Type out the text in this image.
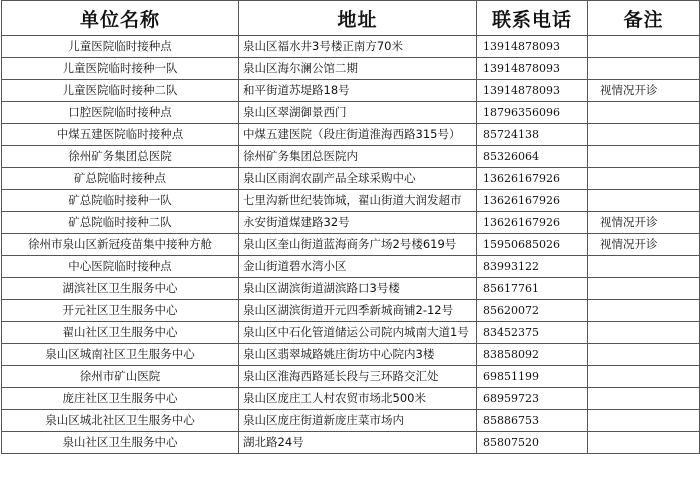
单位名称	地址	联系电话	备注
儿童医院临时接种点	泉山区福水井3号楼正南方70米	13914878093	
儿童医院临时接种一队	泉山区海尔澜公馆二期	13914878093	
儿童医院临时接种二队	和平街道苏堤路18号	13914878093	视情况开诊
口腔医院临时接种点	泉山区翠湖御景西门	18796356096	
中煤五建医院临时接种点	中煤五建医院（段庄街道淮海西路315号）	85724138	
徐州矿务集团总医院	徐州矿务集团总医院内	85326064	
矿总院临时接种点	泉山区雨润农副产品全球采购中心	13626167926	
矿总院临时接种一队	七里沟新世纪装饰城，翟山街道大润发超市	13626167926	
矿总院临时接种二队	永安街道煤建路32号	13626167926	视情况开诊
徐州市泉山区新冠疫苗集中接种方舱	泉山区奎山街道蓝海商务广场2号楼619号	15950685026	视情况开诊
中心医院临时接种点	金山街道碧水湾小区	83993122	
湖滨社区卫生服务中心	泉山区湖滨街道湖滨路口3号楼	85617761	
开元社区卫生服务中心	泉山区湖滨街道开元四季新城商铺2-12号	85620072	
翟山社区卫生服务中心	泉山区中石化管道储运公司院内城南大道1号	83452375	
泉山区城南社区卫生服务中心	泉山区翡翠城路姚庄街坊中心院内3楼	83858092	
徐州市矿山医院	泉山区淮海西路延长段与三环路交汇处	69851199	
庞庄社区卫生服务中心	泉山区庞庄工人村农贸市场北500米	68959723	
泉山区城北社区卫生服务中心	泉山区庞庄街道新庞庄菜市场内	85886753	
泉山社区卫生服务中心	湖北路24号	85807520	
